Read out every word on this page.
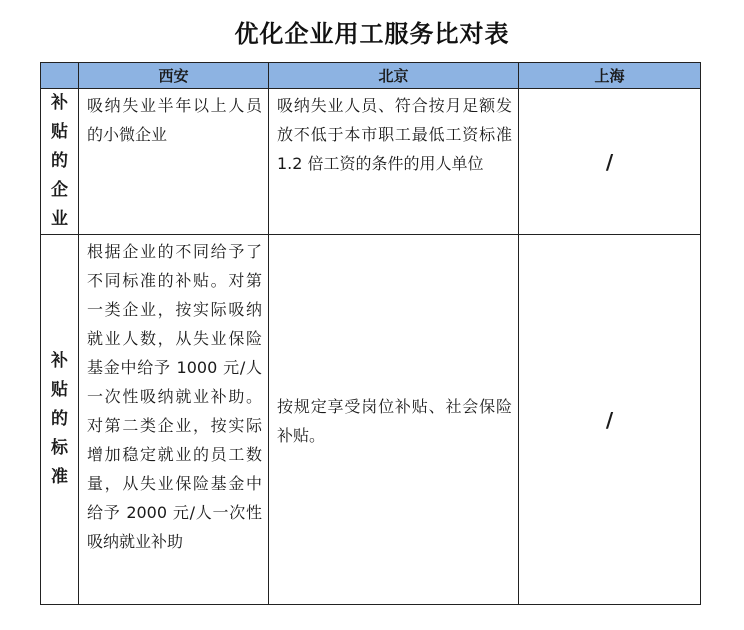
优化企业用工服务比对表
	西安	北京	上海

补
贴
的
企
业	吸纳失业半年以上人员的小微企业	吸纳失业人员、符合按月足额发放不低于本市职工最低工资标准 1.2 倍工资的条件的用人单位	/

补
贴
的
标
准	根据企业的不同给予了不同标准的补贴。对第一类企业，按实际吸纳就业人数，从失业保险基金中给予 1000 元/人一次性吸纳就业补助。对第二类企业，按实际增加稳定就业的员工数量，从失业保险基金中给予 2000 元/人一次性吸纳就业补助	按规定享受岗位补贴、社会保险补贴。	/
